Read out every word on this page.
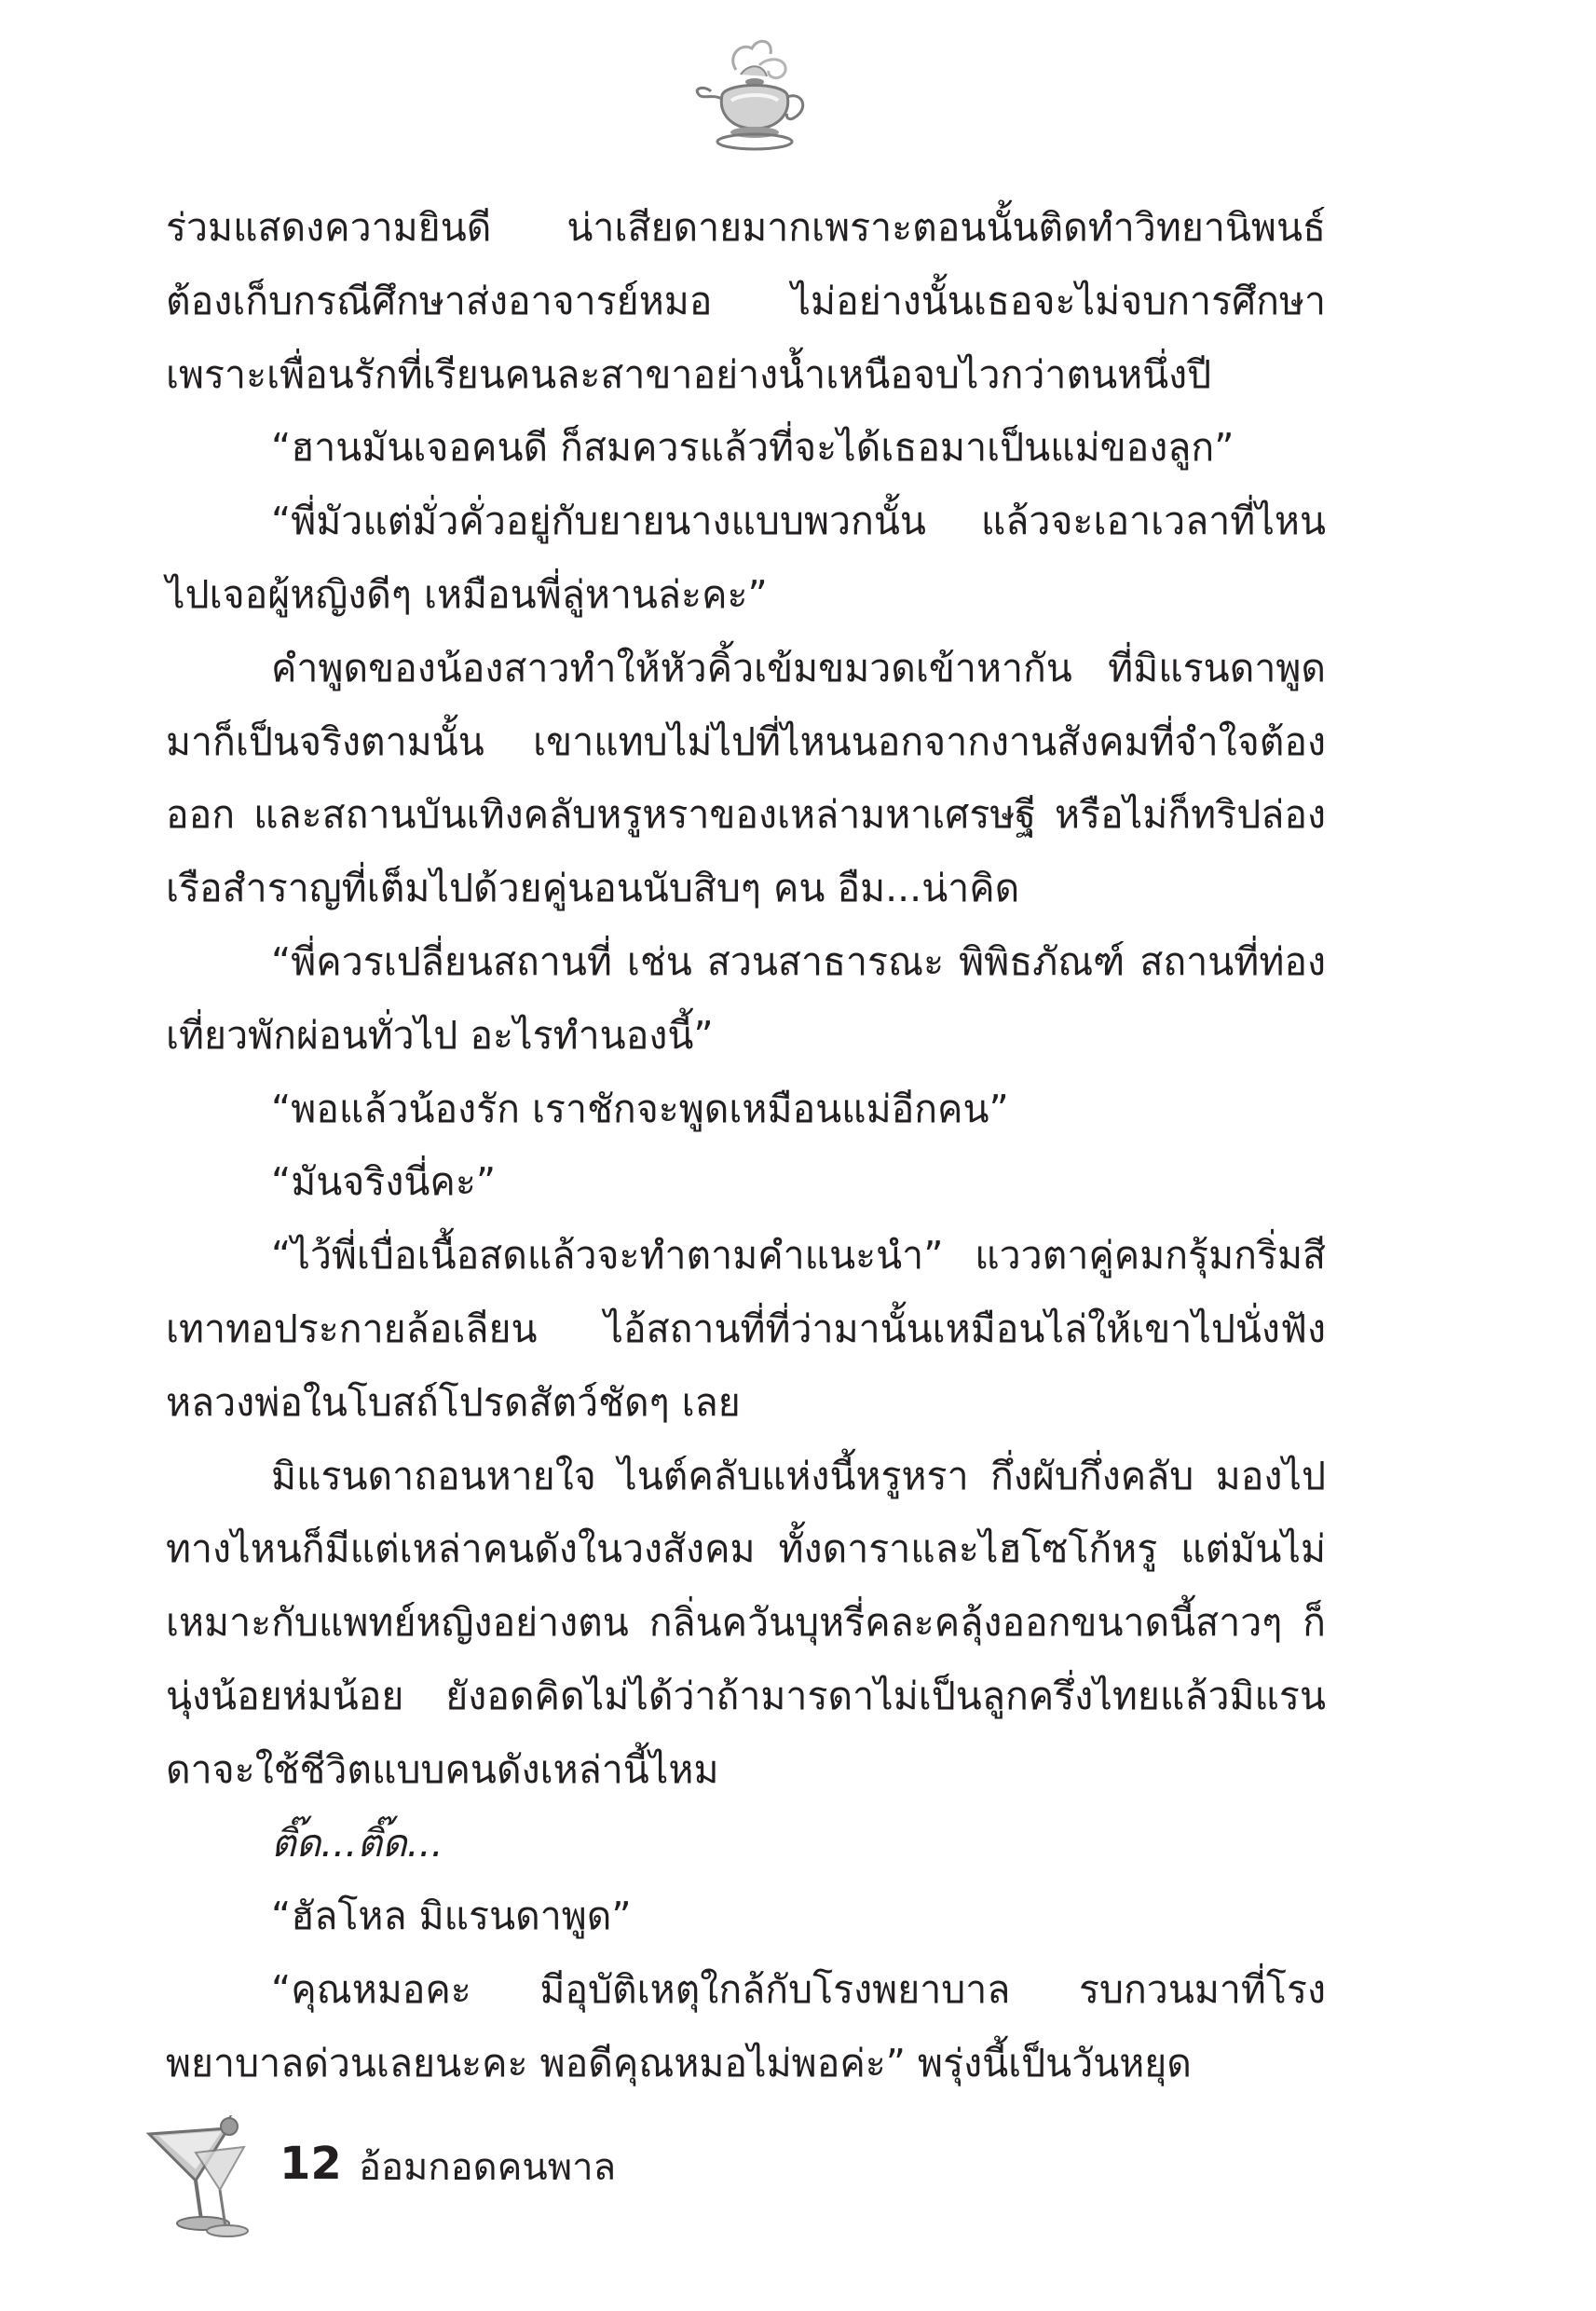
ร่วมแสดงความยินดี น่าเสียดายมากเพราะตอนนั้นติดทำวิทยานิพนธ์ต้องเก็บกรณีศึกษาส่งอาจารย์หมอ ไม่อย่างนั้นเธอจะไม่จบการศึกษาเพราะเพื่อนรักที่เรียนคนละสาขาอย่างน้ำเหนือจบไวกว่าตนหนึ่งปี

“ฮานมันเจอคนดี ก็สมควรแล้วที่จะได้เธอมาเป็นแม่ของลูก”

“พี่มัวแต่มั่วคั่วอยู่กับยายนางแบบพวกนั้น แล้วจะเอาเวลาที่ไหนไปเจอผู้หญิงดีๆ เหมือนพี่ลู่หานล่ะคะ”

คำพูดของน้องสาวทำให้หัวคิ้วเข้มขมวดเข้าหากัน ที่มิแรนดาพูดมาก็เป็นจริงตามนั้น เขาแทบไม่ไปที่ไหนนอกจากงานสังคมที่จำใจต้องออก และสถานบันเทิงคลับหรูหราของเหล่ามหาเศรษฐี หรือไม่ก็ทริปล่องเรือสำราญที่เต็มไปด้วยคู่นอนนับสิบๆ คน อืม...น่าคิด

“พี่ควรเปลี่ยนสถานที่ เช่น สวนสาธารณะ พิพิธภัณฑ์ สถานที่ท่องเที่ยวพักผ่อนทั่วไป อะไรทำนองนี้”

“พอแล้วน้องรัก เราชักจะพูดเหมือนแม่อีกคน”

“มันจริงนี่คะ”

“ไว้พี่เบื่อเนื้อสดแล้วจะทำตามคำแนะนำ” แววตาคู่คมกรุ้มกริ่มสีเทาทอประกายล้อเลียน ไอ้สถานที่ที่ว่ามานั้นเหมือนไล่ให้เขาไปนั่งฟังหลวงพ่อในโบสถ์โปรดสัตว์ชัดๆ เลย

มิแรนดาถอนหายใจ ไนต์คลับแห่งนี้หรูหรา กึ่งผับกึ่งคลับ มองไปทางไหนก็มีแต่เหล่าคนดังในวงสังคม ทั้งดาราและไฮโซโก้หรู แต่มันไม่เหมาะกับแพทย์หญิงอย่างตน กลิ่นควันบุหรี่คละคลุ้งออกขนาดนี้สาวๆ ก็นุ่งน้อยห่มน้อย ยังอดคิดไม่ได้ว่าถ้ามารดาไม่เป็นลูกครึ่งไทยแล้วมิแรนดาจะใช้ชีวิตแบบคนดังเหล่านี้ไหม

ติ๊ด...ติ๊ด...

“ฮัลโหล มิแรนดาพูด”

“คุณหมอคะ มีอุบัติเหตุใกล้กับโรงพยาบาล รบกวนมาที่โรงพยาบาลด่วนเลยนะคะ พอดีคุณหมอไม่พอค่ะ” พรุ่งนี้เป็นวันหยุด

12 อ้อมกอดคนพาล
